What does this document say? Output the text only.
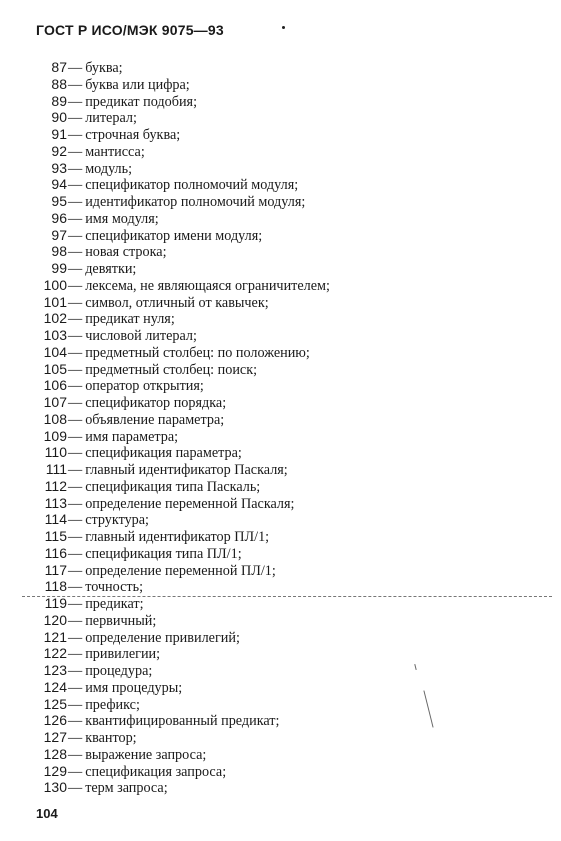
ГОСТ Р ИСО/МЭК 9075—93
87— буква;
88— буква или цифра;
89— предикат подобия;
90— литерал;
91— строчная буква;
92— мантисса;
93— модуль;
94— спецификатор полномочий модуля;
95— идентификатор полномочий модуля;
96— имя модуля;
97— спецификатор имени модуля;
98— новая строка;
99— девятки;
100— лексема, не являющаяся ограничителем;
101— символ, отличный от кавычек;
102— предикат нуля;
103— числовой литерал;
104— предметный столбец: по положению;
105— предметный столбец: поиск;
106— оператор открытия;
107— спецификатор порядка;
108— объявление параметра;
109— имя параметра;
110— спецификация параметра;
111— главный идентификатор Паскаля;
112— спецификация типа Паскаль;
113— определение переменной Паскаля;
114— структура;
115— главный идентификатор ПЛ/1;
116— спецификация типа ПЛ/1;
117— определение переменной ПЛ/1;
118— точность;
119— предикат;
120— первичный;
121— определение привилегий;
122— привилегии;
123— процедура;
124— имя процедуры;
125— префикс;
126— квантифицированный предикат;
127— квантор;
128— выражение запроса;
129— спецификация запроса;
130— терм запроса;
104
